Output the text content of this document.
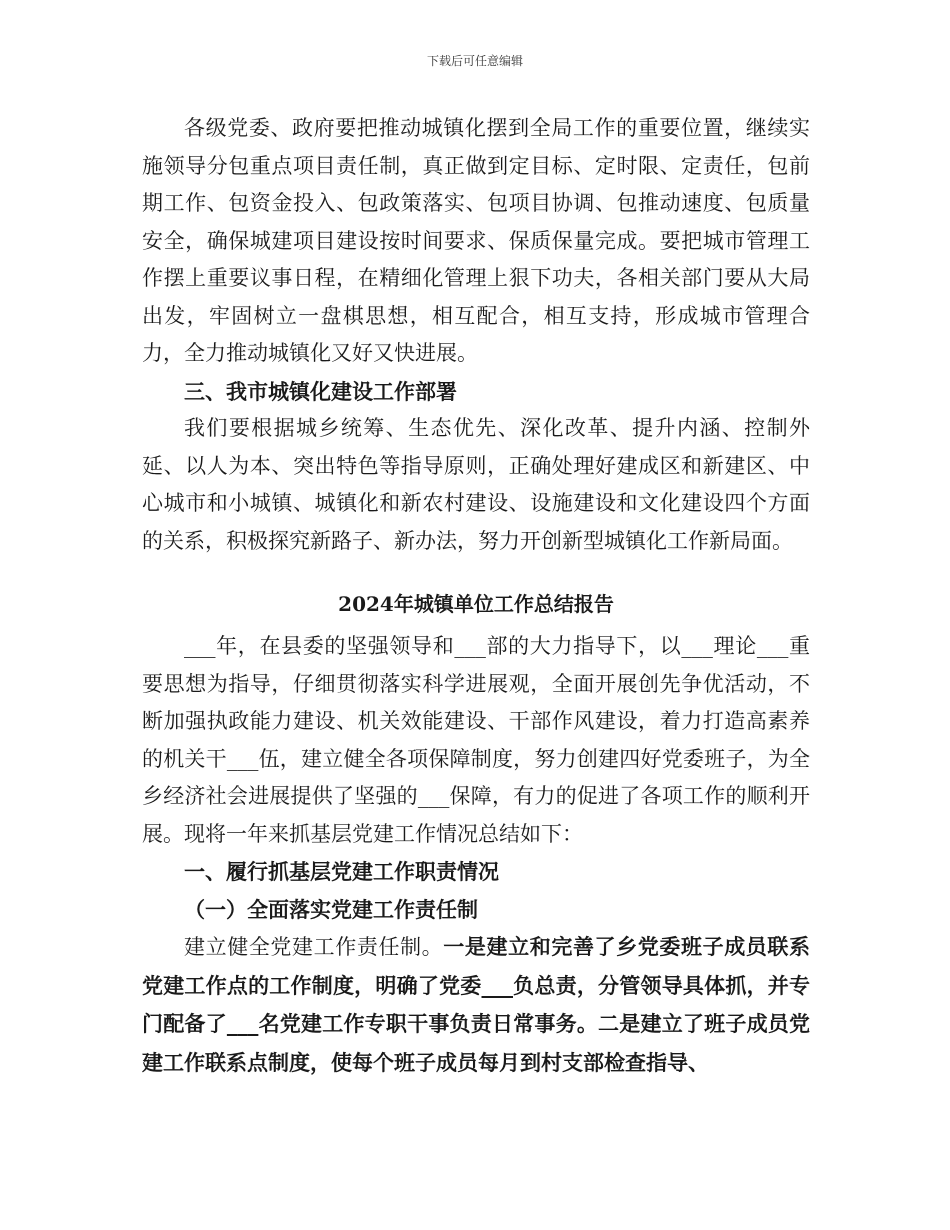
下载后可任意编辑

各级党委、政府要把推动城镇化摆到全局工作的重要位置，继续实施领导分包重点项目责任制，真正做到定目标、定时限、定责任，包前期工作、包资金投入、包政策落实、包项目协调、包推动速度、包质量安全，确保城建项目建设按时间要求、保质保量完成。要把城市管理工作摆上重要议事日程，在精细化管理上狠下功夫，各相关部门要从大局出发，牢固树立一盘棋思想，相互配合，相互支持，形成城市管理合力，全力推动城镇化又好又快进展。

三、我市城镇化建设工作部署

我们要根据城乡统筹、生态优先、深化改革、提升内涵、控制外延、以人为本、突出特色等指导原则，正确处理好建成区和新建区、中心城市和小城镇、城镇化和新农村建设、设施建设和文化建设四个方面的关系，积极探究新路子、新办法，努力开创新型城镇化工作新局面。

2024年城镇单位工作总结报告

___年，在县委的坚强领导和___部的大力指导下，以___理论___重要思想为指导，仔细贯彻落实科学进展观，全面开展创先争优活动，不断加强执政能力建设、机关效能建设、干部作风建设，着力打造高素养的机关干___伍，建立健全各项保障制度，努力创建四好党委班子，为全乡经济社会进展提供了坚强的___保障，有力的促进了各项工作的顺利开展。现将一年来抓基层党建工作情况总结如下：

一、履行抓基层党建工作职责情况

（一）全面落实党建工作责任制

建立健全党建工作责任制。一是建立和完善了乡党委班子成员联系党建工作点的工作制度，明确了党委___负总责，分管领导具体抓，并专门配备了___名党建工作专职干事负责日常事务。二是建立了班子成员党建工作联系点制度，使每个班子成员每月到村支部检查指导、
